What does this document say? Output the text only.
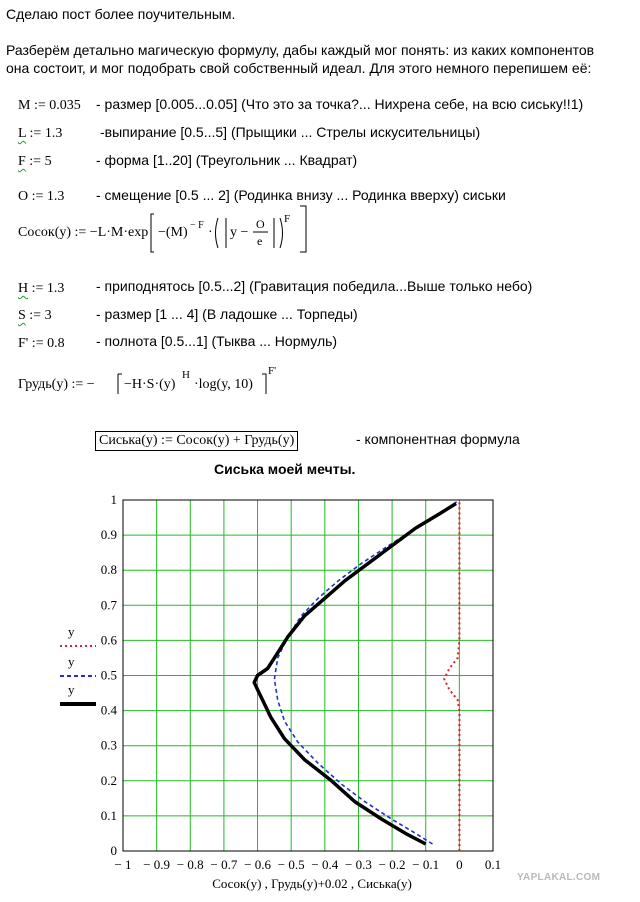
Сделаю пост более поучительным.
Разберём детально магическую формулу, дабы каждый мог понять: из каких компонентов
она состоит, и мог подобрать свой собственный идеал. Для этого немного перепишем её:
M := 0.035 - размер [0.005...0.05] (Что это за точка?... Нихрена себе, на всю сиську!!1)
L := 1.3	-выпирание [0.5...5] (Прыщики ... Стрелы искусительницы)
F := 5	- форма [1..20] (Треугольник ... Квадрат)
O := 1.3 - смещение [0.5 ... 2] (Родинка внизу ... Родинка вверху) сиськи
Сосок(y) := −L·M·exp −(M) − F · y −
O
e
F
H := 1.3 - приподнятось [0.5...2] (Гравитация победила...Выше только небо)
S := 3	- размер [1 ... 4] (В ладошке ... Торпеды)
F' := 0.8 - полнота [0.5...1] (Тыква ... Нормуль)
Грудь(y) := − −H·S·(y)
H
·log(y, 10)
F'
Сиська(y) := Сосок(y) + Грудь(y)	- компонентная формула
Сиська моей мечты.
− 1 − 0.9 − 0.8 − 0.7 − 0.6 − 0.5 − 0.4 − 0.3 − 0.2 − 0.1 0 0.1
0
0.1
0.2
0.3
0.4
0.5
0.6
0.7
0.8
0.9
1
y
y
y
Сосок(y) , Грудь(y)+0.02 , Сиська(y)	YAPLAKAL.COM
